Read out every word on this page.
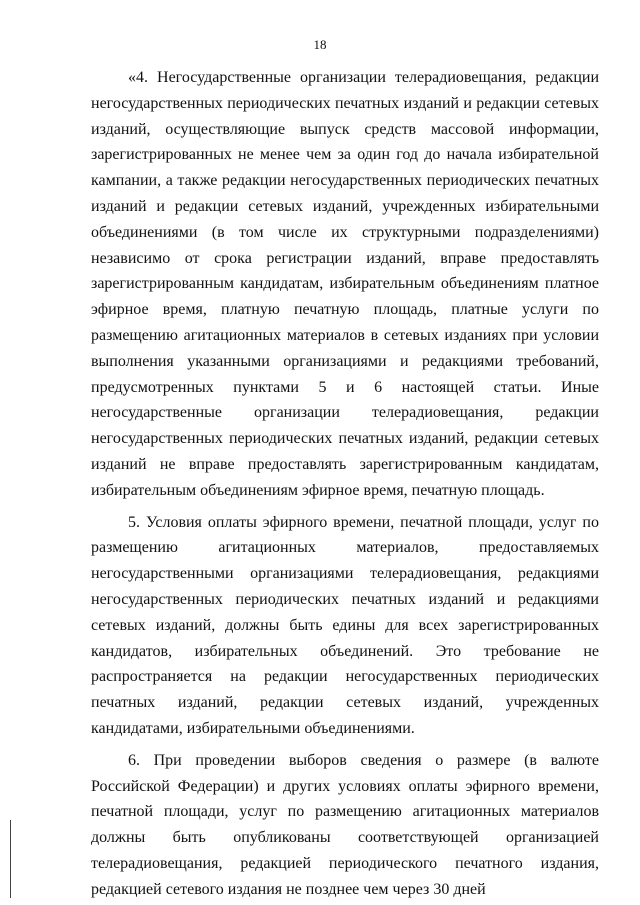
18

«4. Негосударственные организации телерадиовещания, редакции негосударственных периодических печатных изданий и редакции сетевых изданий, осуществляющие выпуск средств массовой информации, зарегистрированных не менее чем за один год до начала избирательной кампании, а также редакции негосударственных периодических печатных изданий и редакции сетевых изданий, учрежденных избирательными объединениями (в том числе их структурными подразделениями) независимо от срока регистрации изданий, вправе предоставлять зарегистрированным кандидатам, избирательным объединениям платное эфирное время, платную печатную площадь, платные услуги по размещению агитационных материалов в сетевых изданиях при условии выполнения указанными организациями и редакциями требований, предусмотренных пунктами 5 и 6 настоящей статьи. Иные негосударственные организации телерадиовещания, редакции негосударственных периодических печатных изданий, редакции сетевых изданий не вправе предоставлять зарегистрированным кандидатам, избирательным объединениям эфирное время, печатную площадь.

5. Условия оплаты эфирного времени, печатной площади, услуг по размещению агитационных материалов, предоставляемых негосударственными организациями телерадиовещания, редакциями негосударственных периодических печатных изданий и редакциями сетевых изданий, должны быть едины для всех зарегистрированных кандидатов, избирательных объединений. Это требование не распространяется на редакции негосударственных периодических печатных изданий, редакции сетевых изданий, учрежденных кандидатами, избирательными объединениями.

6. При проведении выборов сведения о размере (в валюте Российской Федерации) и других условиях оплаты эфирного времени, печатной площади, услуг по размещению агитационных материалов должны быть опубликованы соответствующей организацией телерадиовещания, редакцией периодического печатного издания, редакцией сетевого издания не позднее чем через 30 дней
